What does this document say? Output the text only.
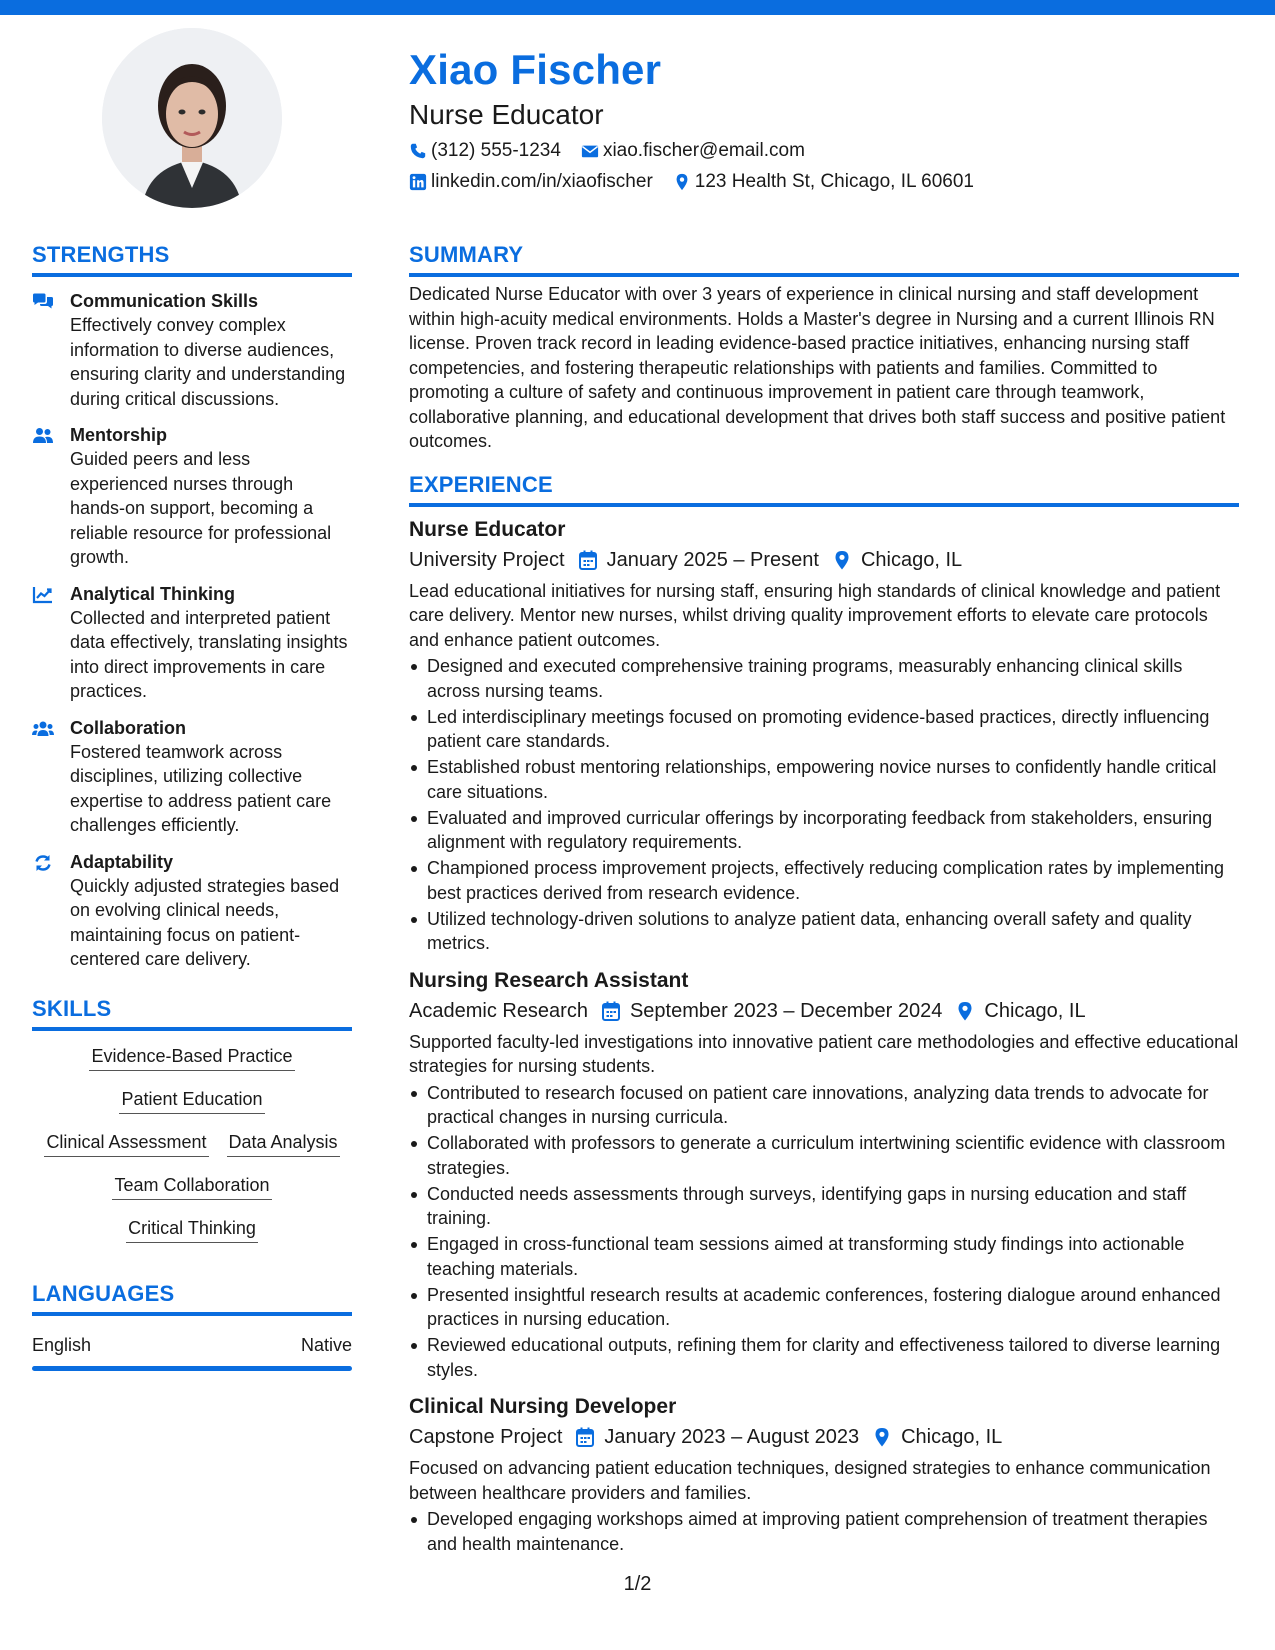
Xiao Fischer
Nurse Educator
(312) 555-1234 xiao.fischer@email.com
linkedin.com/in/xiaofischer 123 Health St, Chicago, IL 60601
STRENGTHS
Communication Skills
Effectively convey complex information to diverse audiences, ensuring clarity and understanding during critical discussions.
Mentorship
Guided peers and less experienced nurses through hands-on support, becoming a reliable resource for professional growth.
Analytical Thinking
Collected and interpreted patient data effectively, translating insights into direct improvements in care practices.
Collaboration
Fostered teamwork across disciplines, utilizing collective expertise to address patient care challenges efficiently.
Adaptability
Quickly adjusted strategies based on evolving clinical needs, maintaining focus on patient-centered care delivery.
SKILLS
Evidence-Based Practice
Patient Education
Clinical Assessment Data Analysis
Team Collaboration
Critical Thinking
LANGUAGES
English	Native
SUMMARY
Dedicated Nurse Educator with over 3 years of experience in clinical nursing and staff development within high-acuity medical environments. Holds a Master's degree in Nursing and a current Illinois RN license. Proven track record in leading evidence-based practice initiatives, enhancing nursing staff competencies, and fostering therapeutic relationships with patients and families. Committed to promoting a culture of safety and continuous improvement in patient care through teamwork, collaborative planning, and educational development that drives both staff success and positive patient outcomes.
EXPERIENCE
Nurse Educator
University Project January 2025 – Present Chicago, IL
Lead educational initiatives for nursing staff, ensuring high standards of clinical knowledge and patient care delivery. Mentor new nurses, whilst driving quality improvement efforts to elevate care protocols and enhance patient outcomes.
Designed and executed comprehensive training programs, measurably enhancing clinical skills across nursing teams.
Led interdisciplinary meetings focused on promoting evidence-based practices, directly influencing patient care standards.
Established robust mentoring relationships, empowering novice nurses to confidently handle critical care situations.
Evaluated and improved curricular offerings by incorporating feedback from stakeholders, ensuring alignment with regulatory requirements.
Championed process improvement projects, effectively reducing complication rates by implementing best practices derived from research evidence.
Utilized technology-driven solutions to analyze patient data, enhancing overall safety and quality metrics.
Nursing Research Assistant
Academic Research September 2023 – December 2024 Chicago, IL
Supported faculty-led investigations into innovative patient care methodologies and effective educational strategies for nursing students.
Contributed to research focused on patient care innovations, analyzing data trends to advocate for practical changes in nursing curricula.
Collaborated with professors to generate a curriculum intertwining scientific evidence with classroom strategies.
Conducted needs assessments through surveys, identifying gaps in nursing education and staff training.
Engaged in cross-functional team sessions aimed at transforming study findings into actionable teaching materials.
Presented insightful research results at academic conferences, fostering dialogue around enhanced practices in nursing education.
Reviewed educational outputs, refining them for clarity and effectiveness tailored to diverse learning styles.
Clinical Nursing Developer
Capstone Project January 2023 – August 2023 Chicago, IL
Focused on advancing patient education techniques, designed strategies to enhance communication between healthcare providers and families.
Developed engaging workshops aimed at improving patient comprehension of treatment therapies and health maintenance.
1/2
